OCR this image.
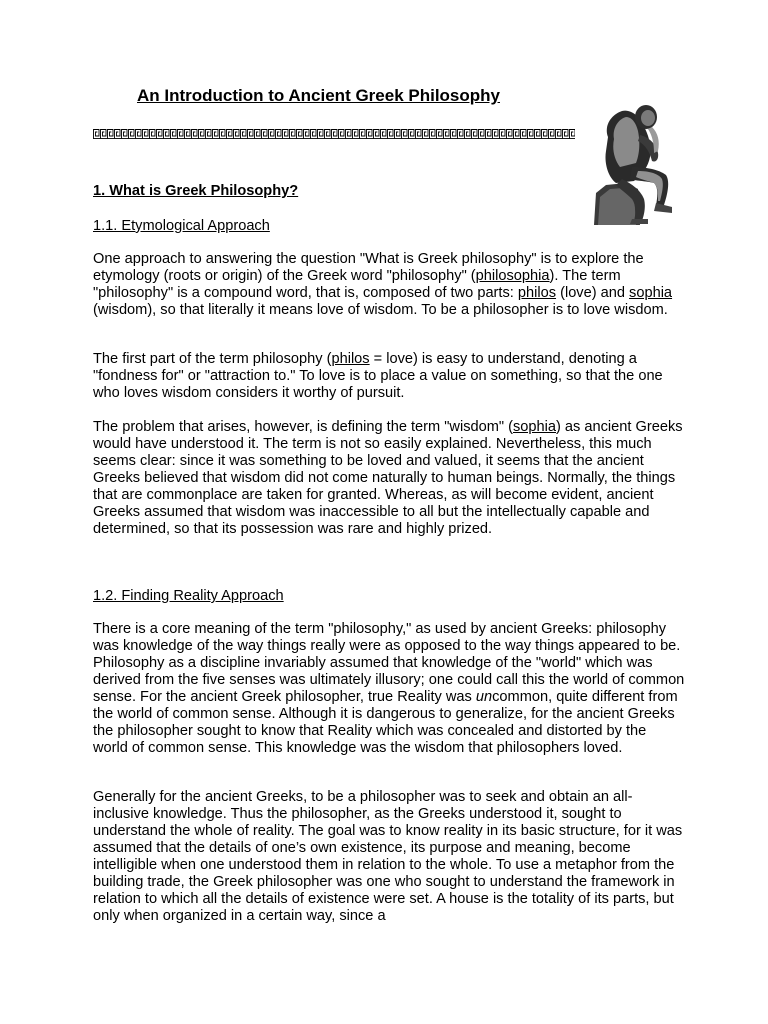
An Introduction to Ancient Greek Philosophy
1. What is Greek Philosophy?
1.1. Etymological Approach

One approach to answering the question "What is Greek philosophy" is to explore the etymology (roots or origin) of the Greek word "philosophy" (philosophia). The term "philosophy" is a compound word, that is, composed of two parts: philos (love) and sophia (wisdom), so that literally it means love of wisdom. To be a philosopher is to love wisdom.

The first part of the term philosophy (philos = love) is easy to understand, denoting a "fondness for" or "attraction to." To love is to place a value on something, so that the one who loves wisdom considers it worthy of pursuit.

The problem that arises, however, is defining the term "wisdom" (sophia) as ancient Greeks would have understood it. The term is not so easily explained. Nevertheless, this much seems clear: since it was something to be loved and valued, it seems that the ancient Greeks believed that wisdom did not come naturally to human beings. Normally, the things that are commonplace are taken for granted. Whereas, as will become evident, ancient Greeks assumed that wisdom was inaccessible to all but the intellectually capable and determined, so that its possession was rare and highly prized.

1.2. Finding Reality Approach

There is a core meaning of the term "philosophy," as used by ancient Greeks: philosophy was knowledge of the way things really were as opposed to the way things appeared to be. Philosophy as a discipline invariably assumed that knowledge of the "world" which was derived from the five senses was ultimately illusory; one could call this the world of common sense. For the ancient Greek philosopher, true Reality was uncommon, quite different from the world of common sense. Although it is dangerous to generalize, for the ancient Greeks the philosopher sought to know that Reality which was concealed and distorted by the world of common sense. This knowledge was the wisdom that philosophers loved.

Generally for the ancient Greeks, to be a philosopher was to seek and obtain an all-inclusive knowledge. Thus the philosopher, as the Greeks understood it, sought to understand the whole of reality. The goal was to know reality in its basic structure, for it was assumed that the details of one’s own existence, its purpose and meaning, become intelligible when one understood them in relation to the whole. To use a metaphor from the building trade, the Greek philosopher was one who sought to understand the framework in relation to which all the details of existence were set. A house is the totality of its parts, but only when organized in a certain way, since a
